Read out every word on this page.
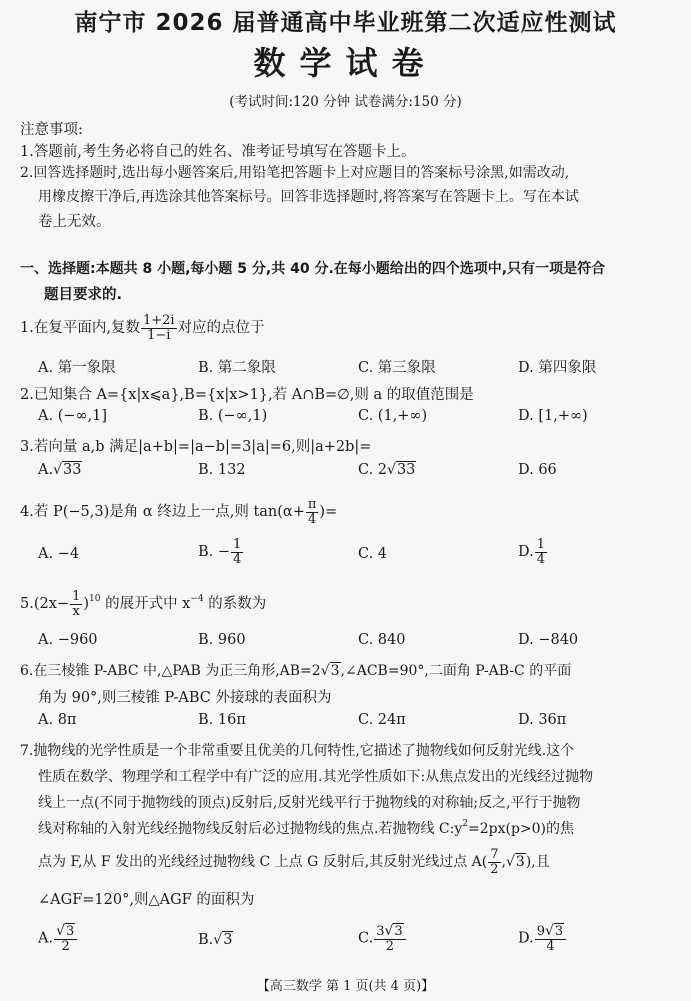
南宁市 2026 届普通高中毕业班第二次适应性测试
数学试卷
(考试时间:120 分钟 试卷满分:150 分)
注意事项:
1.答题前,考生务必将自己的姓名、准考证号填写在答题卡上。
2.回答选择题时,选出每小题答案后,用铅笔把答题卡上对应题目的答案标号涂黑,如需改动,
用橡皮擦干净后,再选涂其他答案标号。回答非选择题时,将答案写在答题卡上。写在本试
卷上无效。
一、选择题:本题共 8 小题,每小题 5 分,共 40 分.在每小题给出的四个选项中,只有一项是符合
题目要求的.
1.在复平面内,复数 $\frac{1+2i}{1-i}$ 对应的点位于
A. 第一象限	B. 第二象限	C. 第三象限	D. 第四象限
2.已知集合 A={x|x⩽a},B={x|x>1},若 A∩B=∅,则 a 的取值范围是
A. (−∞,1]	B. (−∞,1)	C. (1,+∞)	D. [1,+∞)
3.若向量 a,b 满足|a+b|=|a−b|=3|a|=6,则|a+2b|=
A.√33	B. 132	C. 2√33	D. 66
4.若 P(−5,3)是角 α 终边上一点,则 $\tan(\alpha+ \frac{\pi}{4}$ )=
A. −4	B. − $\frac{1}{4}$	C. 4	D. $\frac{1}{4}$
$5.(2x- \frac{1}{x} )^{10}$ 的展开式中 $x^{-4}$ 的系数为
A. −960	B. 960	C. 840	D. −840
6.在三棱锥 P-ABC 中,△PAB 为正三角形,AB=2√3,∠ACB=90°,二面角 P-AB-C 的平面
角为 90°,则三棱锥 P-ABC 外接球的表面积为
A. 8π	B. 16π	C. 24π	D. 36π
7.抛物线的光学性质是一个非常重要且优美的几何特性,它描述了抛物线如何反射光线.这个
性质在数学、物理学和工程学中有广泛的应用.其光学性质如下:从焦点发出的光线经过抛物
线上一点(不同于抛物线的顶点)反射后,反射光线平行于抛物线的对称轴;反之,平行于抛物
线对称轴的入射光线经抛物线反射后必过抛物线的焦点.若抛物线 $C:y^2=2px(p>0)$的焦
点为 F,从 F 发出的光线经过抛物线 C 上点 G 反射后,其反射光线过点 $A( \frac{7}{2} ,√3)$,且
∠AGF=120°,则△AGF 的面积为
A. $\frac{√3}{2}$	B.√3	C. $\frac{3√3}{2}$	D. $\frac{9√3}{4}$
【高三数学 第 1 页(共 4 页)】
